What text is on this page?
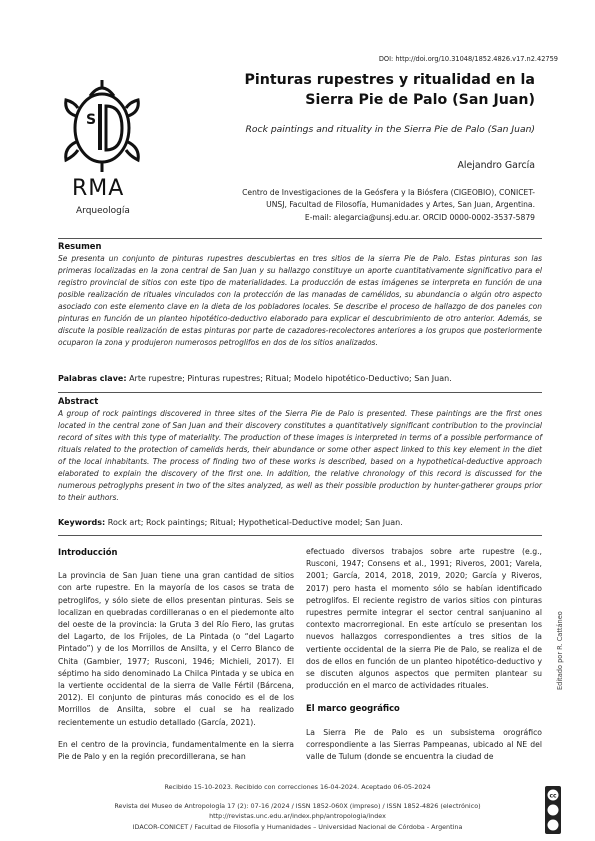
DOI: http://doi.org/10.31048/1852.4826.v17.n2.42759
Pinturas rupestres y ritualidad en la Sierra Pie de Palo (San Juan)
Rock paintings and rituality in the Sierra Pie de Palo (San Juan)
Alejandro García
Centro de Investigaciones de la Geósfera y la Biósfera (CIGEOBIO), CONICET-
UNSJ, Facultad de Filosofía, Humanidades y Artes, San Juan, Argentina.
E-mail: alegarcia@unsj.edu.ar. ORCID 0000-0002-3537-5879
S
RMA
Arqueología
Resumen
Se presenta un conjunto de pinturas rupestres descubiertas en tres sitios de la sierra Pie de Palo. Estas pinturas son las primeras localizadas en la zona central de San Juan y su hallazgo constituye un aporte cuantitativamente significativo para el registro provincial de sitios con este tipo de materialidades. La producción de estas imágenes se interpreta en función de una posible realización de rituales vinculados con la protección de las manadas de camélidos, su abundancia o algún otro aspecto asociado con este elemento clave en la dieta de los pobladores locales. Se describe el proceso de hallazgo de dos paneles con pinturas en función de un planteo hipotético-deductivo elaborado para explicar el descubrimiento de otro anterior. Además, se discute la posible realización de estas pinturas por parte de cazadores-recolectores anteriores a los grupos que posteriormente ocuparon la zona y produjeron numerosos petroglifos en dos de los sitios analizados.
Palabras clave: Arte rupestre; Pinturas rupestres; Ritual; Modelo hipotético-Deductivo; San Juan.
Abstract
A group of rock paintings discovered in three sites of the Sierra Pie de Palo is presented. These paintings are the first ones located in the central zone of San Juan and their discovery constitutes a quantitatively significant contribution to the provincial record of sites with this type of materiality. The production of these images is interpreted in terms of a possible performance of rituals related to the protection of camelids herds, their abundance or some other aspect linked to this key element in the diet of the local inhabitants. The process of finding two of these works is described, based on a hypothetical-deductive approach elaborated to explain the discovery of the first one. In addition, the relative chronology of this record is discussed for the numerous petroglyphs present in two of the sites analyzed, as well as their possible production by hunter-gatherer groups prior to their authors.
Keywords: Rock art; Rock paintings; Ritual; Hypothetical-Deductive model; San Juan.
Introducción

La provincia de San Juan tiene una gran cantidad de sitios con arte rupestre. En la mayoría de los casos se trata de petroglifos, y sólo siete de ellos presentan pinturas. Seis se localizan en quebradas cordilleranas o en el piedemonte alto del oeste de la provincia: la Gruta 3 del Río Fiero, las grutas del Lagarto, de los Frijoles, de La Pintada (o “del Lagarto Pintado”) y de los Morrillos de Ansilta, y el Cerro Blanco de Chita (Gambier, 1977; Rusconi, 1946; Michieli, 2017). El séptimo ha sido denominado La Chilca Pintada y se ubica en la vertiente occidental de la sierra de Valle Fértil (Bárcena, 2012). El conjunto de pinturas más conocido es el de los Morrillos de Ansilta, sobre el cual se ha realizado recientemente un estudio detallado (García, 2021).

En el centro de la provincia, fundamentalmente en la sierra Pie de Palo y en la región precordillerana, se han

efectuado diversos trabajos sobre arte rupestre (e.g., Rusconi, 1947; Consens et al., 1991; Riveros, 2001; Varela, 2001; García, 2014, 2018, 2019, 2020; García y Riveros, 2017) pero hasta el momento sólo se habían identificado petroglifos. El reciente registro de varios sitios con pinturas rupestres permite integrar el sector central sanjuanino al contexto macrorregional. En este artículo se presentan los nuevos hallazgos correspondientes a tres sitios de la vertiente occidental de la sierra Pie de Palo, se realiza el de dos de ellos en función de un planteo hipotético-deductivo y se discuten algunos aspectos que permiten plantear su producción en el marco de actividades rituales.

El marco geográfico

La Sierra Pie de Palo es un subsistema orográfico correspondiente a las Sierras Pampeanas, ubicado al NE del valle de Tulum (donde se encuentra la ciudad de

Editado por R. Cattáneo
cc
Recibido 15-10-2023. Recibido con correcciones 16-04-2024. Aceptado 06-05-2024
Revista del Museo de Antropología 17 (2): 07-16 /2024 / ISSN 1852-060X (impreso) / ISSN 1852-4826 (electrónico)
http://revistas.unc.edu.ar/index.php/antropologia/index
IDACOR-CONICET / Facultad de Filosofía y Humanidades – Universidad Nacional de Córdoba - Argentina
